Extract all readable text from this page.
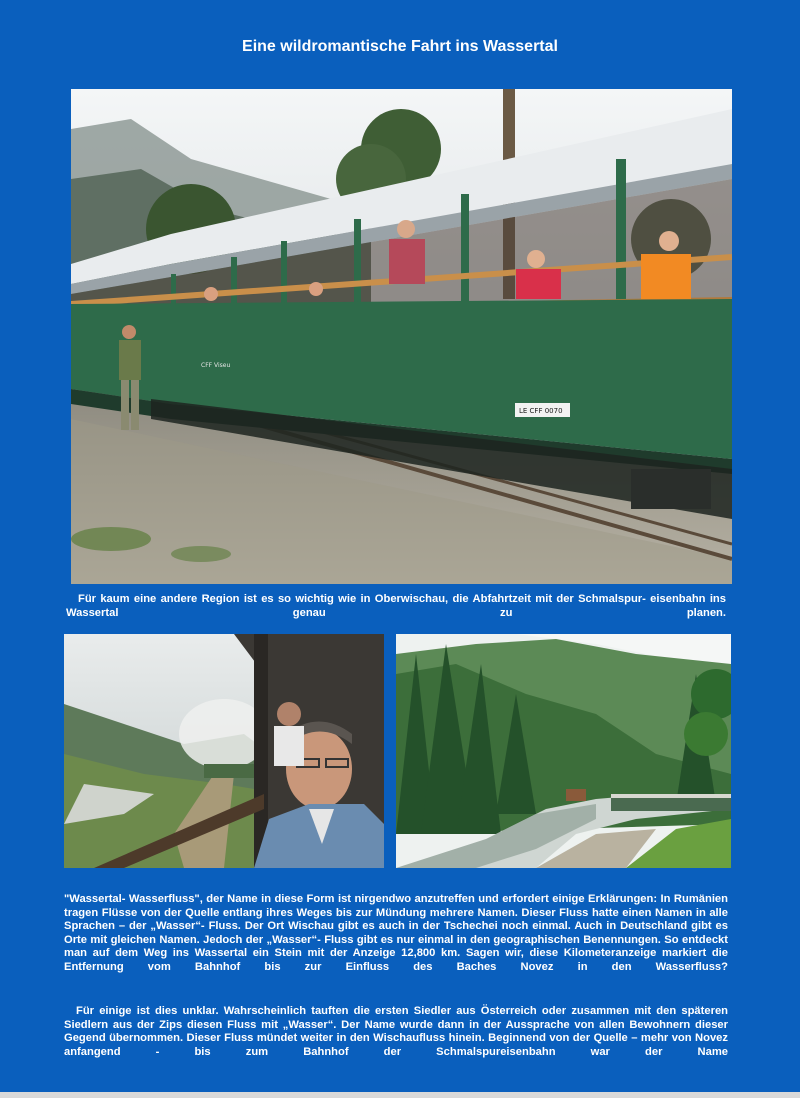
Eine wildromantische Fahrt ins Wassertal
CFF Viseu
LE CFF 0070
Für kaum eine andere Region ist es so wichtig wie in Oberwischau, die Abfahrtzeit mit der Schmalspur- eisenbahn ins Wassertal genau zu planen.

"Wassertal- Wasserfluss", der Name in diese Form ist nirgendwo anzutreffen und erfordert einige Erklärungen: In Rumänien tragen Flüsse von der Quelle entlang ihres Weges bis zur Mündung mehrere Namen. Dieser Fluss hatte einen Namen in alle Sprachen – der „Wasser“- Fluss. Der Ort Wischau gibt es auch in der Tschechei noch einmal. Auch in Deutschland gibt es Orte mit gleichen Namen. Jedoch der „Wasser“- Fluss gibt es nur einmal in den geographischen Benennungen. So entdeckt man auf dem Weg ins Wassertal ein Stein mit der Anzeige 12,800 km. Sagen wir, diese Kilometeranzeige markiert die Entfernung vom Bahnhof bis zur Einfluss des Baches Novez in den Wasserfluss?

Für einige ist dies unklar. Wahrscheinlich tauften die ersten Siedler aus Österreich oder zusammen mit den späteren Siedlern aus der Zips diesen Fluss mit „Wasser“. Der Name wurde dann in der Aussprache von allen Bewohnern dieser Gegend übernommen. Dieser Fluss mündet weiter in den Wischaufluss hinein. Beginnend von der Quelle – mehr von Novez anfangend - bis zum Bahnhof der Schmalspureisenbahn war der Name
